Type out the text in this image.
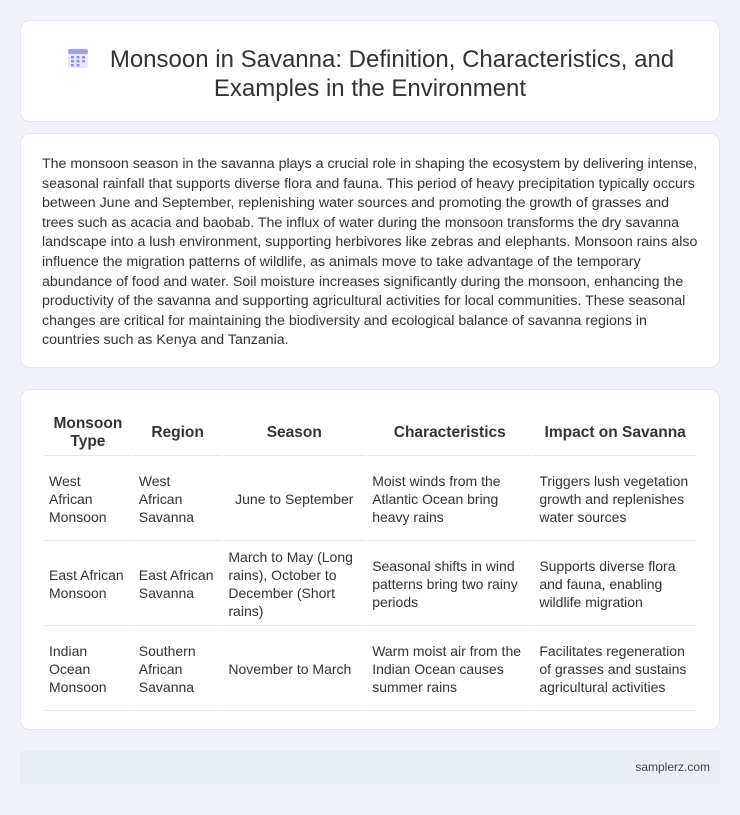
Monsoon in Savanna: Definition, Characteristics, and Examples in the Environment

The monsoon season in the savanna plays a crucial role in shaping the ecosystem by delivering intense, seasonal rainfall that supports diverse flora and fauna. This period of heavy precipitation typically occurs between June and September, replenishing water sources and promoting the growth of grasses and trees such as acacia and baobab. The influx of water during the monsoon transforms the dry savanna landscape into a lush environment, supporting herbivores like zebras and elephants. Monsoon rains also influence the migration patterns of wildlife, as animals move to take advantage of the temporary abundance of food and water. Soil moisture increases significantly during the monsoon, enhancing the productivity of the savanna and supporting agricultural activities for local communities. These seasonal changes are critical for maintaining the biodiversity and ecological balance of savanna regions in countries such as Kenya and Tanzania.

Monsoon Type	Region	Season	Characteristics	Impact on Savanna
West African Monsoon	West African Savanna	June to September	Moist winds from the Atlantic Ocean bring heavy rains	Triggers lush vegetation growth and replenishes water sources
East African Monsoon	East African Savanna	March to May (Long rains), October to December (Short rains)	Seasonal shifts in wind patterns bring two rainy periods	Supports diverse flora and fauna, enabling wildlife migration
Indian Ocean Monsoon	Southern African Savanna	November to March	Warm moist air from the Indian Ocean causes summer rains	Facilitates regeneration of grasses and sustains agricultural activities
samplerz.com
